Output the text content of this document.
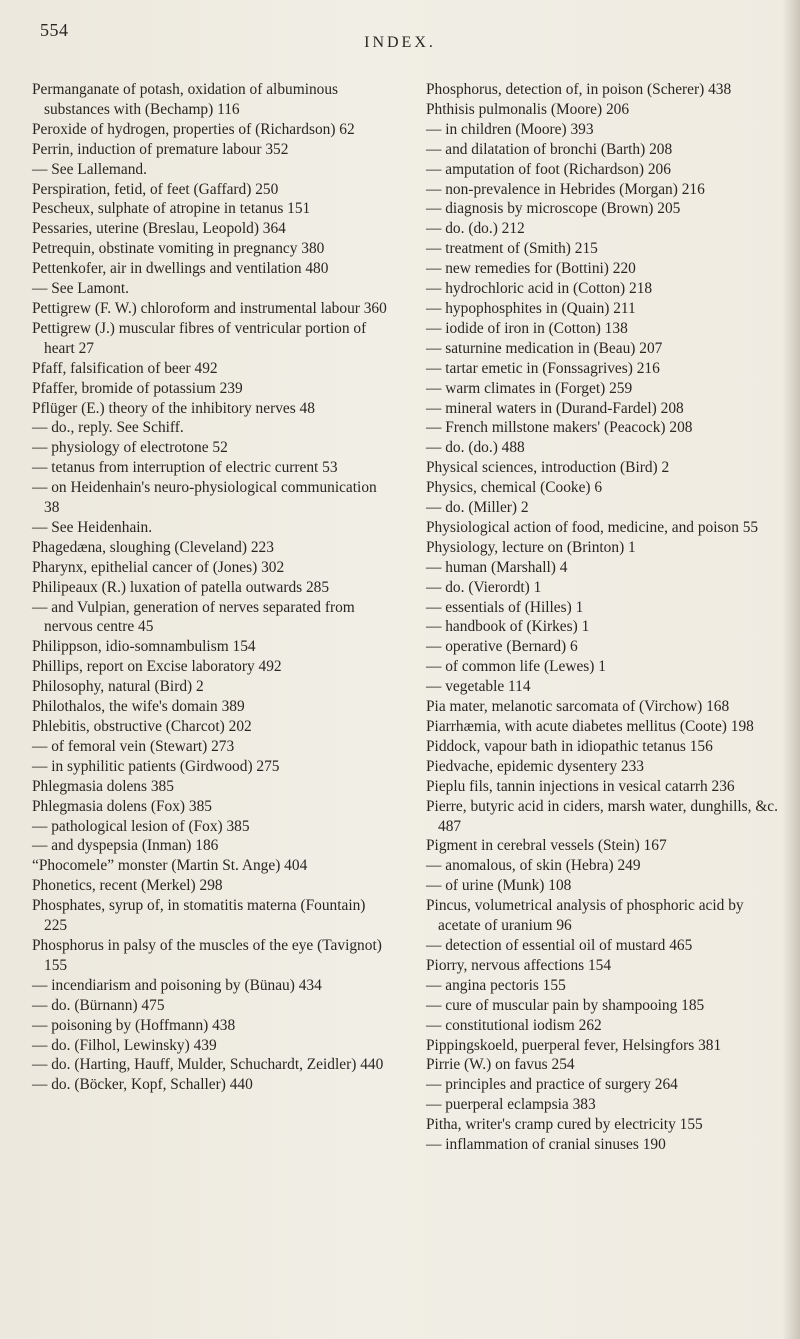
554
INDEX.

Permanganate of potash, oxidation of albuminous substances with (Bechamp) 116

Peroxide of hydrogen, properties of (Richardson) 62

Perrin, induction of premature labour 352

— See Lallemand.

Perspiration, fetid, of feet (Gaffard) 250

Pescheux, sulphate of atropine in tetanus 151

Pessaries, uterine (Breslau, Leopold) 364

Petrequin, obstinate vomiting in pregnancy 380

Pettenkofer, air in dwellings and ventilation 480

— See Lamont.

Pettigrew (F. W.) chloroform and instrumental labour 360

Pettigrew (J.) muscular fibres of ventricular portion of heart 27

Pfaff, falsification of beer 492

Pfaffer, bromide of potassium 239

Pflüger (E.) theory of the inhibitory nerves 48

— do., reply. See Schiff.

— physiology of electrotone 52

— tetanus from interruption of electric current 53

— on Heidenhain's neuro-physiological communication 38

— See Heidenhain.

Phagedæna, sloughing (Cleveland) 223

Pharynx, epithelial cancer of (Jones) 302

Philipeaux (R.) luxation of patella outwards 285

— and Vulpian, generation of nerves separated from nervous centre 45

Philippson, idio-somnambulism 154

Phillips, report on Excise laboratory 492

Philosophy, natural (Bird) 2

Philothalos, the wife's domain 389

Phlebitis, obstructive (Charcot) 202

— of femoral vein (Stewart) 273

— in syphilitic patients (Girdwood) 275

Phlegmasia dolens 385

Phlegmasia dolens (Fox) 385

— pathological lesion of (Fox) 385

— and dyspepsia (Inman) 186

“Phocomele” monster (Martin St. Ange) 404

Phonetics, recent (Merkel) 298

Phosphates, syrup of, in stomatitis materna (Fountain) 225

Phosphorus in palsy of the muscles of the eye (Tavignot) 155

— incendiarism and poisoning by (Bünau) 434

— do. (Bürnann) 475

— poisoning by (Hoffmann) 438

— do. (Filhol, Lewinsky) 439

— do. (Harting, Hauff, Mulder, Schuchardt, Zeidler) 440

— do. (Böcker, Kopf, Schaller) 440

Phosphorus, detection of, in poison (Scherer) 438

Phthisis pulmonalis (Moore) 206

— in children (Moore) 393

— and dilatation of bronchi (Barth) 208

— amputation of foot (Richardson) 206

— non-prevalence in Hebrides (Morgan) 216

— diagnosis by microscope (Brown) 205

— do. (do.) 212

— treatment of (Smith) 215

— new remedies for (Bottini) 220

— hydrochloric acid in (Cotton) 218

— hypophosphites in (Quain) 211

— iodide of iron in (Cotton) 138

— saturnine medication in (Beau) 207

— tartar emetic in (Fonssagrives) 216

— warm climates in (Forget) 259

— mineral waters in (Durand-Fardel) 208

— French millstone makers' (Peacock) 208

— do. (do.) 488

Physical sciences, introduction (Bird) 2

Physics, chemical (Cooke) 6

— do. (Miller) 2

Physiological action of food, medicine, and poison 55

Physiology, lecture on (Brinton) 1

— human (Marshall) 4

— do. (Vierordt) 1

— essentials of (Hilles) 1

— handbook of (Kirkes) 1

— operative (Bernard) 6

— of common life (Lewes) 1

— vegetable 114

Pia mater, melanotic sarcomata of (Virchow) 168

Piarrhæmia, with acute diabetes mellitus (Coote) 198

Piddock, vapour bath in idiopathic tetanus 156

Piedvache, epidemic dysentery 233

Pieplu fils, tannin injections in vesical catarrh 236

Pierre, butyric acid in ciders, marsh water, dunghills, &c. 487

Pigment in cerebral vessels (Stein) 167

— anomalous, of skin (Hebra) 249

— of urine (Munk) 108

Pincus, volumetrical analysis of phosphoric acid by acetate of uranium 96

— detection of essential oil of mustard 465

Piorry, nervous affections 154

— angina pectoris 155

— cure of muscular pain by shampooing 185

— constitutional iodism 262

Pippingskoeld, puerperal fever, Helsingfors 381

Pirrie (W.) on favus 254

— principles and practice of surgery 264

— puerperal eclampsia 383

Pitha, writer's cramp cured by electricity 155

— inflammation of cranial sinuses 190
